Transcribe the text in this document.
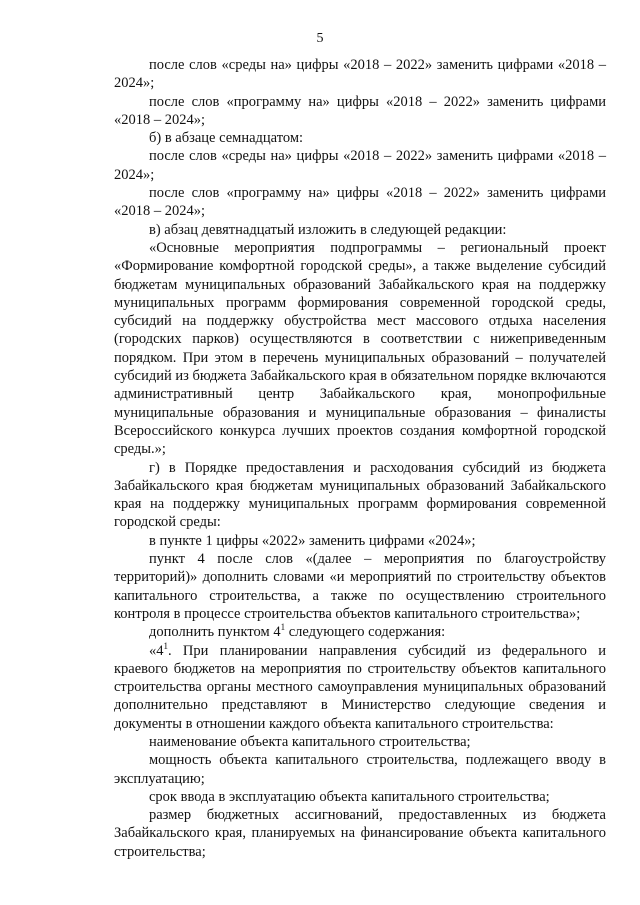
5

после слов «среды на» цифры «2018 – 2022» заменить цифрами «2018 – 2024»;

после слов «программу на» цифры «2018 – 2022» заменить цифрами «2018 – 2024»;

б) в абзаце семнадцатом:

после слов «среды на» цифры «2018 – 2022» заменить цифрами «2018 – 2024»;

после слов «программу на» цифры «2018 – 2022» заменить цифрами «2018 – 2024»;

в) абзац девятнадцатый изложить в следующей редакции:

«Основные мероприятия подпрограммы – региональный проект «Формирование комфортной городской среды», а также выделение субсидий бюджетам муниципальных образований Забайкальского края на поддержку муниципальных программ формирования современной городской среды, субсидий на поддержку обустройства мест массового отдыха населения (городских парков) осуществляются в соответствии с нижеприведенным порядком. При этом в перечень муниципальных образований – получателей субсидий из бюджета Забайкальского края в обязательном порядке включаются административный центр Забайкальского края, монопрофильные муниципальные образования и муниципальные образования – финалисты Всероссийского конкурса лучших проектов создания комфортной городской среды.»;

г) в Порядке предоставления и расходования субсидий из бюджета Забайкальского края бюджетам муниципальных образований Забайкальского края на поддержку муниципальных программ формирования современной городской среды:

в пункте 1 цифры «2022» заменить цифрами «2024»;

пункт 4 после слов «(далее – мероприятия по благоустройству территорий)» дополнить словами «и мероприятий по строительству объектов капитального строительства, а также по осуществлению строительного контроля в процессе строительства объектов капитального строительства»;

дополнить пунктом $4^1$ следующего содержания:

«$4^1$. При планировании направления субсидий из федерального и краевого бюджетов на мероприятия по строительству объектов капитального строительства органы местного самоуправления муниципальных образований дополнительно представляют в Министерство следующие сведения и документы в отношении каждого объекта капитального строительства:

наименование объекта капитального строительства;

мощность объекта капитального строительства, подлежащего вводу в эксплуатацию;

срок ввода в эксплуатацию объекта капитального строительства;

размер бюджетных ассигнований, предоставленных из бюджета Забайкальского края, планируемых на финансирование объекта капитального строительства;
